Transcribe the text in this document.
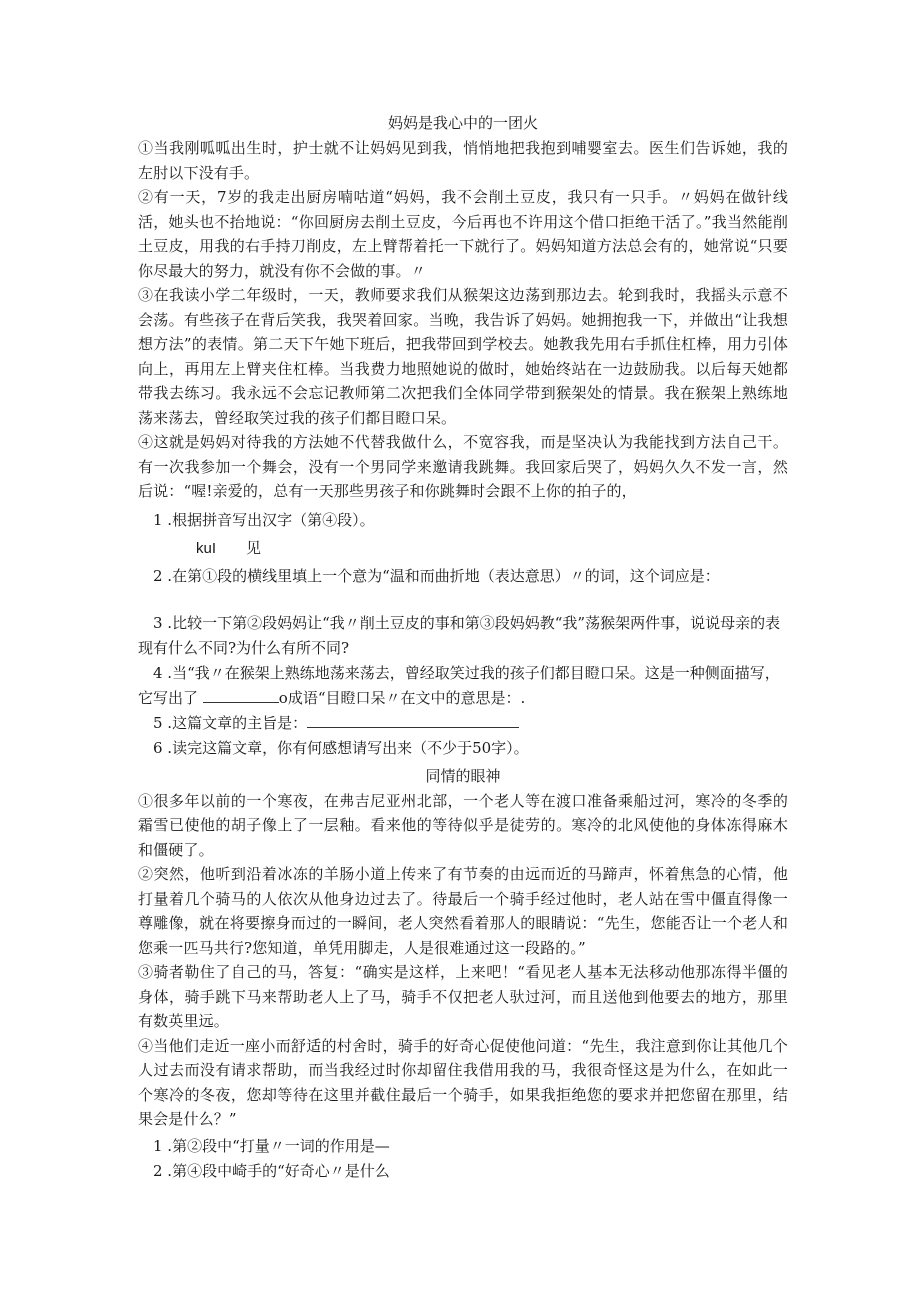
妈妈是我心中的一团火

①当我刚呱呱出生时，护士就不让妈妈见到我，悄悄地把我抱到哺婴室去。医生们告诉她，我的左肘以下没有手。

②有一天，7岁的我走出厨房喃咕道“妈妈，我不会削土豆皮，我只有一只手。〃妈妈在做针线活，她头也不抬地说：“你回厨房去削土豆皮，今后再也不许用这个借口拒绝干活了。”我当然能削土豆皮，用我的右手持刀削皮，左上臂帮着托一下就行了。妈妈知道方法总会有的，她常说“只要你尽最大的努力，就没有你不会做的事。〃

③在我读小学二年级时，一天，教师要求我们从猴架这边荡到那边去。轮到我时，我摇头示意不会荡。有些孩子在背后笑我，我哭着回家。当晚，我告诉了妈妈。她拥抱我一下，并做出“让我想想方法”的表情。第二天下午她下班后，把我带回到学校去。她教我先用右手抓住杠棒，用力引体向上，再用左上臂夹住杠棒。当我费力地照她说的做时，她始终站在一边鼓励我。以后每天她都带我去练习。我永远不会忘记教师第二次把我们全体同学带到猴架处的情景。我在猴架上熟练地荡来荡去，曾经取笑过我的孩子们都目瞪口呆。

④这就是妈妈对待我的方法她不代替我做什么，不宽容我，而是坚决认为我能找到方法自己干。有一次我参加一个舞会，没有一个男同学来邀请我跳舞。我回家后哭了，妈妈久久不发一言，然后说：“喔!亲爱的，总有一天那些男孩子和你跳舞时会跟不上你的拍子的，

1 .根据拼音写出汉字（第④段）。

kuI 见

2 .在第①段的横线里填上一个意为“温和而曲折地（表达意思）〃的词，这个词应是：

3 .比较一下第②段妈妈让“我〃削土豆皮的事和第③段妈妈教“我”荡猴架两件事，说说母亲的表现有什么不同?为什么有所不同?

4 .当“我〃在猴架上熟练地荡来荡去，曾经取笑过我的孩子们都目瞪口呆。这是一种侧面描写，它写出了	o成语“目瞪口呆〃在文中的意思是：.

5 .这篇文章的主旨是：

6 .读完这篇文章，你有何感想请写出来（不少于50字）。

同情的眼神

①很多年以前的一个寒夜，在弗吉尼亚州北部，一个老人等在渡口准备乘船过河，寒冷的冬季的霜雪已使他的胡子像上了一层釉。看来他的等待似乎是徒劳的。寒冷的北风使他的身体冻得麻木和僵硬了。

②突然，他听到沿着冰冻的羊肠小道上传来了有节奏的由远而近的马蹄声，怀着焦急的心情，他打量着几个骑马的人依次从他身边过去了。待最后一个骑手经过他时，老人站在雪中僵直得像一尊雕像，就在将要擦身而过的一瞬间，老人突然看着那人的眼睛说：“先生，您能否让一个老人和您乘一匹马共行?您知道，单凭用脚走，人是很难通过这一段路的。”

③骑者勒住了自己的马，答复：“确实是这样，上来吧！“看见老人基本无法移动他那冻得半僵的身体，骑手跳下马来帮助老人上了马，骑手不仅把老人驮过河，而且送他到他要去的地方，那里有数英里远。

④当他们走近一座小而舒适的村舍时，骑手的好奇心促使他问道：“先生，我注意到你让其他几个人过去而没有请求帮助，而当我经过时你却留住我借用我的马，我很奇怪这是为什么，在如此一个寒冷的冬夜，您却等待在这里并截住最后一个骑手，如果我拒绝您的要求并把您留在那里，结果会是什么？”

1 .第②段中“打量〃一词的作用是—

2 .第④段中崎手的“好奇心〃是什么
